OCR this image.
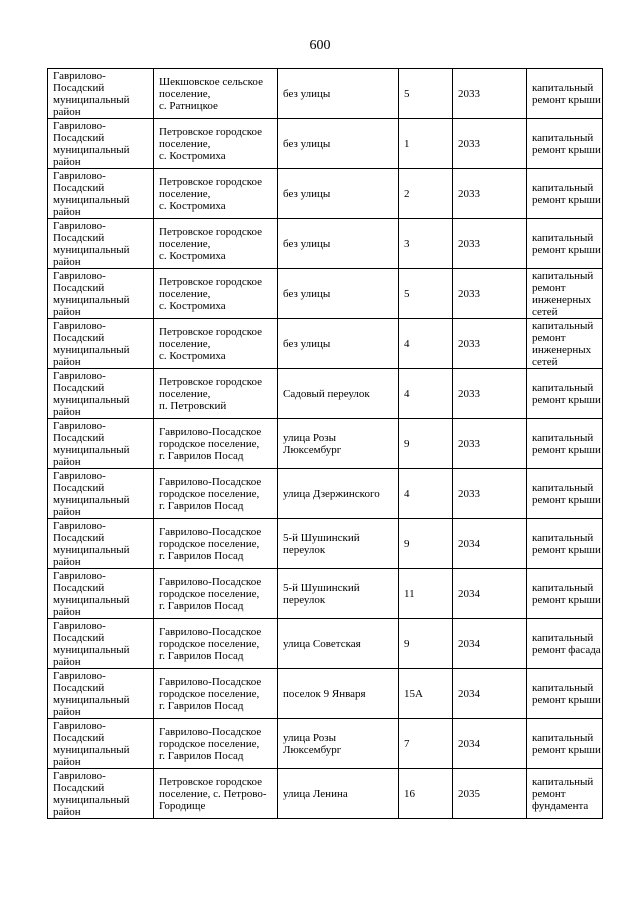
600
Гаврилово-
Посадский
муниципальный
район	Шекшовское сельское
поселение,
с. Ратницкое	без улицы	5	2033	капитальный
ремонт крыши
Гаврилово-
Посадский
муниципальный
район	Петровское городское
поселение,
с. Костромиха	без улицы	1	2033	капитальный
ремонт крыши
Гаврилово-
Посадский
муниципальный
район	Петровское городское
поселение,
с. Костромиха	без улицы	2	2033	капитальный
ремонт крыши
Гаврилово-
Посадский
муниципальный
район	Петровское городское
поселение,
с. Костромиха	без улицы	3	2033	капитальный
ремонт крыши
Гаврилово-
Посадский
муниципальный
район	Петровское городское
поселение,
с. Костромиха	без улицы	5	2033	капитальный
ремонт
инженерных
сетей
Гаврилово-
Посадский
муниципальный
район	Петровское городское
поселение,
с. Костромиха	без улицы	4	2033	капитальный
ремонт
инженерных
сетей
Гаврилово-
Посадский
муниципальный
район	Петровское городское
поселение,
п. Петровский	Садовый переулок	4	2033	капитальный
ремонт крыши
Гаврилово-
Посадский
муниципальный
район	Гаврилово-Посадское
городское поселение,
г. Гаврилов Посад	улица Розы
Люксембург	9	2033	капитальный
ремонт крыши
Гаврилово-
Посадский
муниципальный
район	Гаврилово-Посадское
городское поселение,
г. Гаврилов Посад	улица Дзержинского	4	2033	капитальный
ремонт крыши
Гаврилово-
Посадский
муниципальный
район	Гаврилово-Посадское
городское поселение,
г. Гаврилов Посад	5-й Шушинский
переулок	9	2034	капитальный
ремонт крыши
Гаврилово-
Посадский
муниципальный
район	Гаврилово-Посадское
городское поселение,
г. Гаврилов Посад	5-й Шушинский
переулок	11	2034	капитальный
ремонт крыши
Гаврилово-
Посадский
муниципальный
район	Гаврилово-Посадское
городское поселение,
г. Гаврилов Посад	улица Советская	9	2034	капитальный
ремонт фасада
Гаврилово-
Посадский
муниципальный
район	Гаврилово-Посадское
городское поселение,
г. Гаврилов Посад	поселок 9 Января	15А	2034	капитальный
ремонт крыши
Гаврилово-
Посадский
муниципальный
район	Гаврилово-Посадское
городское поселение,
г. Гаврилов Посад	улица Розы
Люксембург	7	2034	капитальный
ремонт крыши
Гаврилово-
Посадский
муниципальный
район	Петровское городское
поселение, с. Петрово-
Городище	улица Ленина	16	2035	капитальный
ремонт
фундамента
